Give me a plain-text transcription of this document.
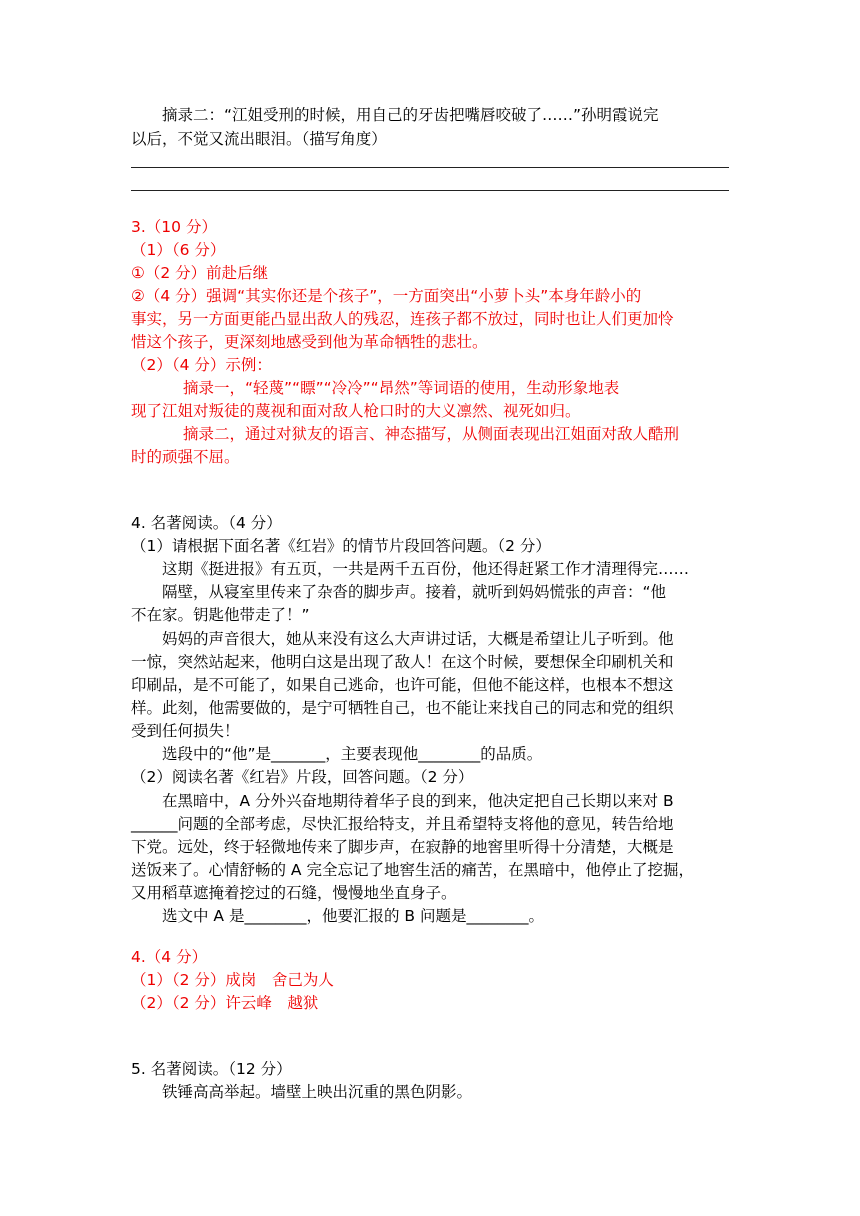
摘录二：“江姐受刑的时候，用自己的牙齿把嘴唇咬破了……”孙明霞说完

以后，不觉又流出眼泪。（描写角度）

3.（10 分）

（1）（6 分）

①（2 分）前赴后继

②（4 分）强调“其实你还是个孩子”，一方面突出“小萝卜头”本身年龄小的

事实，另一方面更能凸显出敌人的残忍，连孩子都不放过，同时也让人们更加怜

惜这个孩子，更深刻地感受到他为革命牺牲的悲壮。

（2）（4 分）示例：

摘录一，“轻蔑”“瞟”“冷冷”“昂然”等词语的使用，生动形象地表

现了江姐对叛徒的蔑视和面对敌人枪口时的大义凛然、视死如归。

摘录二，通过对狱友的语言、神态描写，从侧面表现出江姐面对敌人酷刑

时的顽强不屈。

4. 名著阅读。（4 分）

（1）请根据下面名著《红岩》的情节片段回答问题。（2 分）

这期《挺进报》有五页，一共是两千五百份，他还得赶紧工作才清理得完……

隔壁，从寝室里传来了杂沓的脚步声。接着，就听到妈妈慌张的声音：“他

不在家。钥匙他带走了！”

妈妈的声音很大，她从来没有这么大声讲过话，大概是希望让儿子听到。他

一惊，突然站起来，他明白这是出现了敌人！在这个时候，要想保全印刷机关和

印刷品，是不可能了，如果自己逃命，也许可能，但他不能这样，也根本不想这

样。此刻，他需要做的，是宁可牺牲自己，也不能让来找自己的同志和党的组织

受到任何损失！

选段中的“他”是_______，主要表现他________的品质。

（2）阅读名著《红岩》片段，回答问题。（2 分）

在黑暗中，A 分外兴奋地期待着华子良的到来，他决定把自己长期以来对 B

______问题的全部考虑，尽快汇报给特支，并且希望特支将他的意见，转告给地

下党。远处，终于轻微地传来了脚步声，在寂静的地窖里听得十分清楚，大概是

送饭来了。心情舒畅的 A 完全忘记了地窖生活的痛苦，在黑暗中，他停止了挖掘，

又用稻草遮掩着挖过的石缝，慢慢地坐直身子。

选文中 A 是________，他要汇报的 B 问题是________。

4.（4 分）

（1）（2 分）成岗　舍己为人

（2）（2 分）许云峰　越狱

5. 名著阅读。（12 分）

铁锤高高举起。墙壁上映出沉重的黑色阴影。
